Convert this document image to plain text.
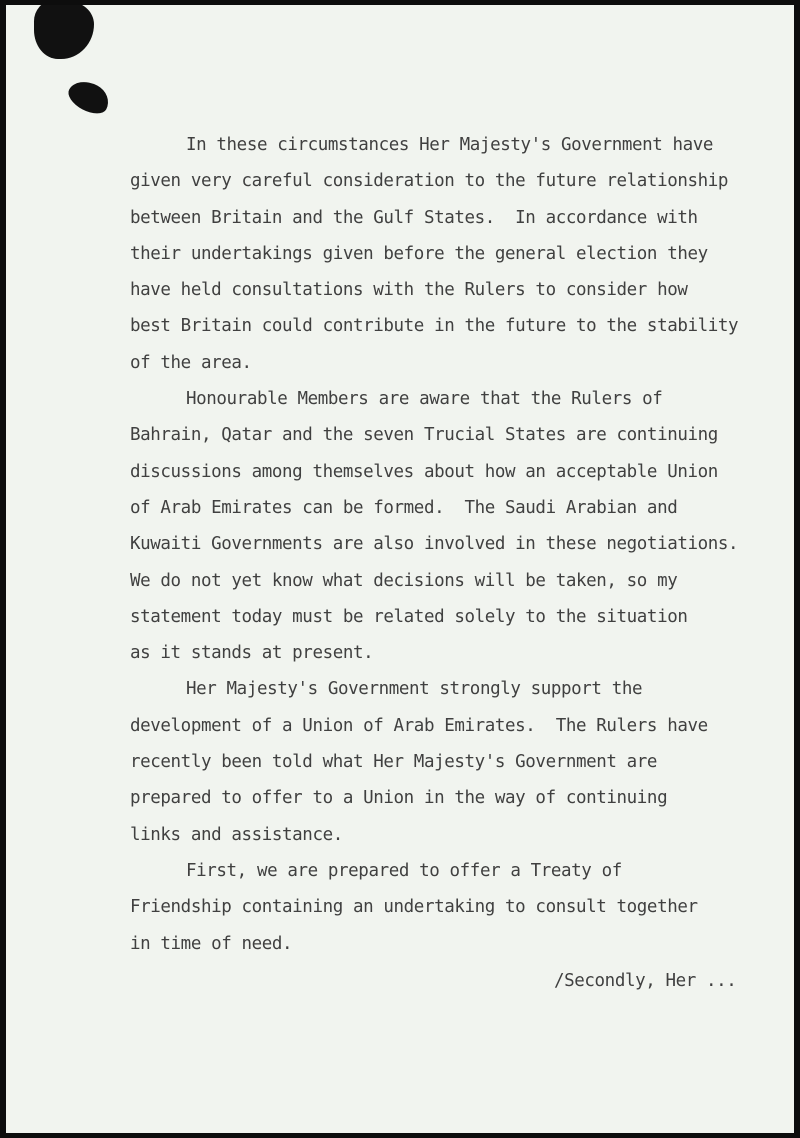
In these circumstances Her Majesty's Government have
given very careful consideration to the future relationship
between Britain and the Gulf States.  In accordance with
their undertakings given before the general election they
have held consultations with the Rulers to consider how
best Britain could contribute in the future to the stability
of the area.
Honourable Members are aware that the Rulers of
Bahrain, Qatar and the seven Trucial States are continuing
discussions among themselves about how an acceptable Union
of Arab Emirates can be formed.  The Saudi Arabian and
Kuwaiti Governments are also involved in these negotiations.
We do not yet know what decisions will be taken, so my
statement today must be related solely to the situation
as it stands at present.
Her Majesty's Government strongly support the
development of a Union of Arab Emirates.  The Rulers have
recently been told what Her Majesty's Government are
prepared to offer to a Union in the way of continuing
links and assistance.
First, we are prepared to offer a Treaty of
Friendship containing an undertaking to consult together
in time of need.
/Secondly, Her ...
